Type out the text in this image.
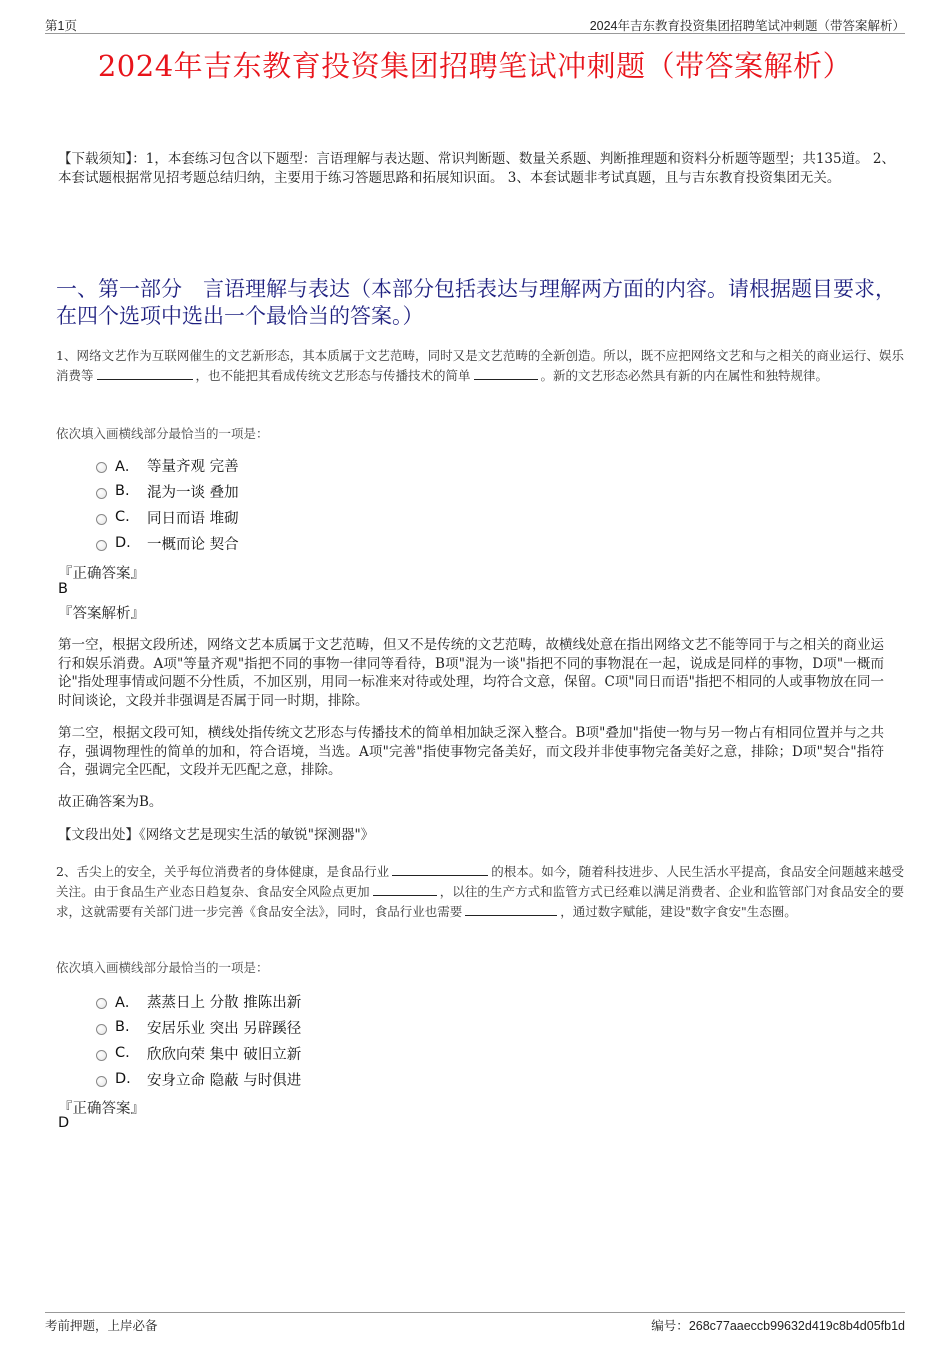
第1页	2024年吉东教育投资集团招聘笔试冲刺题（带答案解析）
2024年吉东教育投资集团招聘笔试冲刺题（带答案解析）
【下载须知】：1，本套练习包含以下题型：言语理解与表达题、常识判断题、数量关系题、判断推理题和资料分析题等题型；共135道。 2、本套试题根据常见招考题总结归纳，主要用于练习答题思路和拓展知识面。 3、本套试题非考试真题，且与吉东教育投资集团无关。
一、第一部分　言语理解与表达（本部分包括表达与理解两方面的内容。请根据题目要求，在四个选项中选出一个最恰当的答案。）
1、网络文艺作为互联网催生的文艺新形态，其本质属于文艺范畴，同时又是文艺范畴的全新创造。所以，既不应把网络文艺和与之相关的商业运行、娱乐消费等	，也不能把其看成传统文艺形态与传播技术的简单	。新的文艺形态必然具有新的内在属性和独特规律。
依次填入画横线部分最恰当的一项是：
A． 等量齐观 完善
B.	混为一谈 叠加
C.	同日而语 堆砌
D.	一概而论 契合
『正确答案』
B
『答案解析』
第一空，根据文段所述，网络文艺本质属于文艺范畴，但又不是传统的文艺范畴，故横线处意在指出网络文艺不能等同于与之相关的商业运行和娱乐消费。A项"等量齐观"指把不同的事物一律同等看待，B项"混为一谈"指把不同的事物混在一起，说成是同样的事物，D项"一概而论"指处理事情或问题不分性质，不加区别，用同一标准来对待或处理，均符合文意，保留。C项"同日而语"指把不相同的人或事物放在同一时间谈论，文段并非强调是否属于同一时期，排除。
第二空，根据文段可知，横线处指传统文艺形态与传播技术的简单相加缺乏深入整合。B项"叠加"指使一物与另一物占有相同位置并与之共存，强调物理性的简单的加和，符合语境，当选。A项"完善"指使事物完备美好，而文段并非使事物完备美好之意，排除；D项"契合"指符合，强调完全匹配，文段并无匹配之意，排除。
故正确答案为B。
【文段出处】《网络文艺是现实生活的敏锐"探测器"》
2、舌尖上的安全，关乎每位消费者的身体健康，是食品行业	的根本。如今，随着科技进步、人民生活水平提高，食品安全问题越来越受关注。由于食品生产业态日趋复杂、食品安全风险点更加	，以往的生产方式和监管方式已经难以满足消费者、企业和监管部门对食品安全的要求，这就需要有关部门进一步完善《食品安全法》，同时，食品行业也需要	，通过数字赋能，建设"数字食安"生态圈。
依次填入画横线部分最恰当的一项是：
A． 蒸蒸日上 分散 推陈出新
B.	安居乐业 突出 另辟蹊径
C.	欣欣向荣 集中 破旧立新
D.	安身立命 隐蔽 与时俱进
『正确答案』
D
考前押题，上岸必备	编号：268c77aaeccb99632d419c8b4d05fb1d
